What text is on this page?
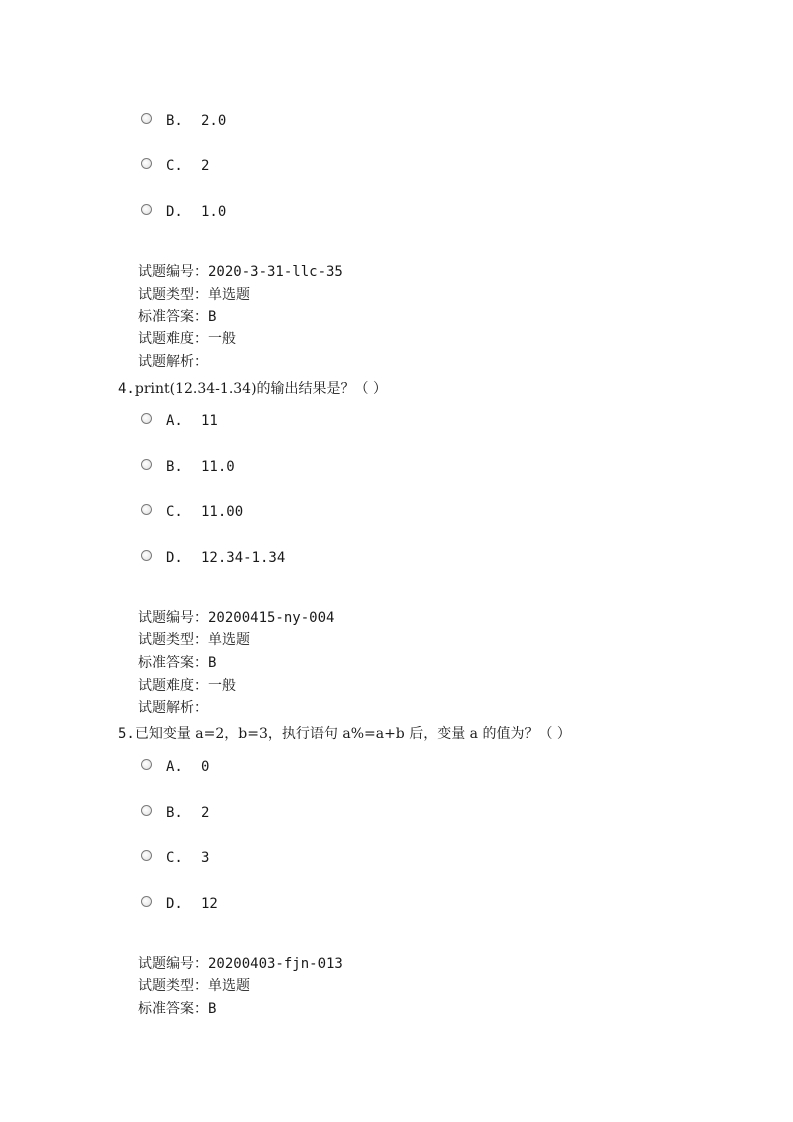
B.	2.0
C.	2
D.	1.0
试题编号：2020-3-31-llc-35
试题类型：单选题
标准答案：B
试题难度：一般
试题解析：
4.print(12.34-1.34)的输出结果是？（ ）
A.	11
B.	11.0
C.	11.00
D.	12.34-1.34
试题编号：20200415-ny-004
试题类型：单选题
标准答案：B
试题难度：一般
试题解析：
5.已知变量 a=2，b=3，执行语句 a%=a+b 后，变量 a 的值为？（ ）
A.	0
B.	2
C.	3
D.	12
试题编号：20200403-fjn-013
试题类型：单选题
标准答案：B
